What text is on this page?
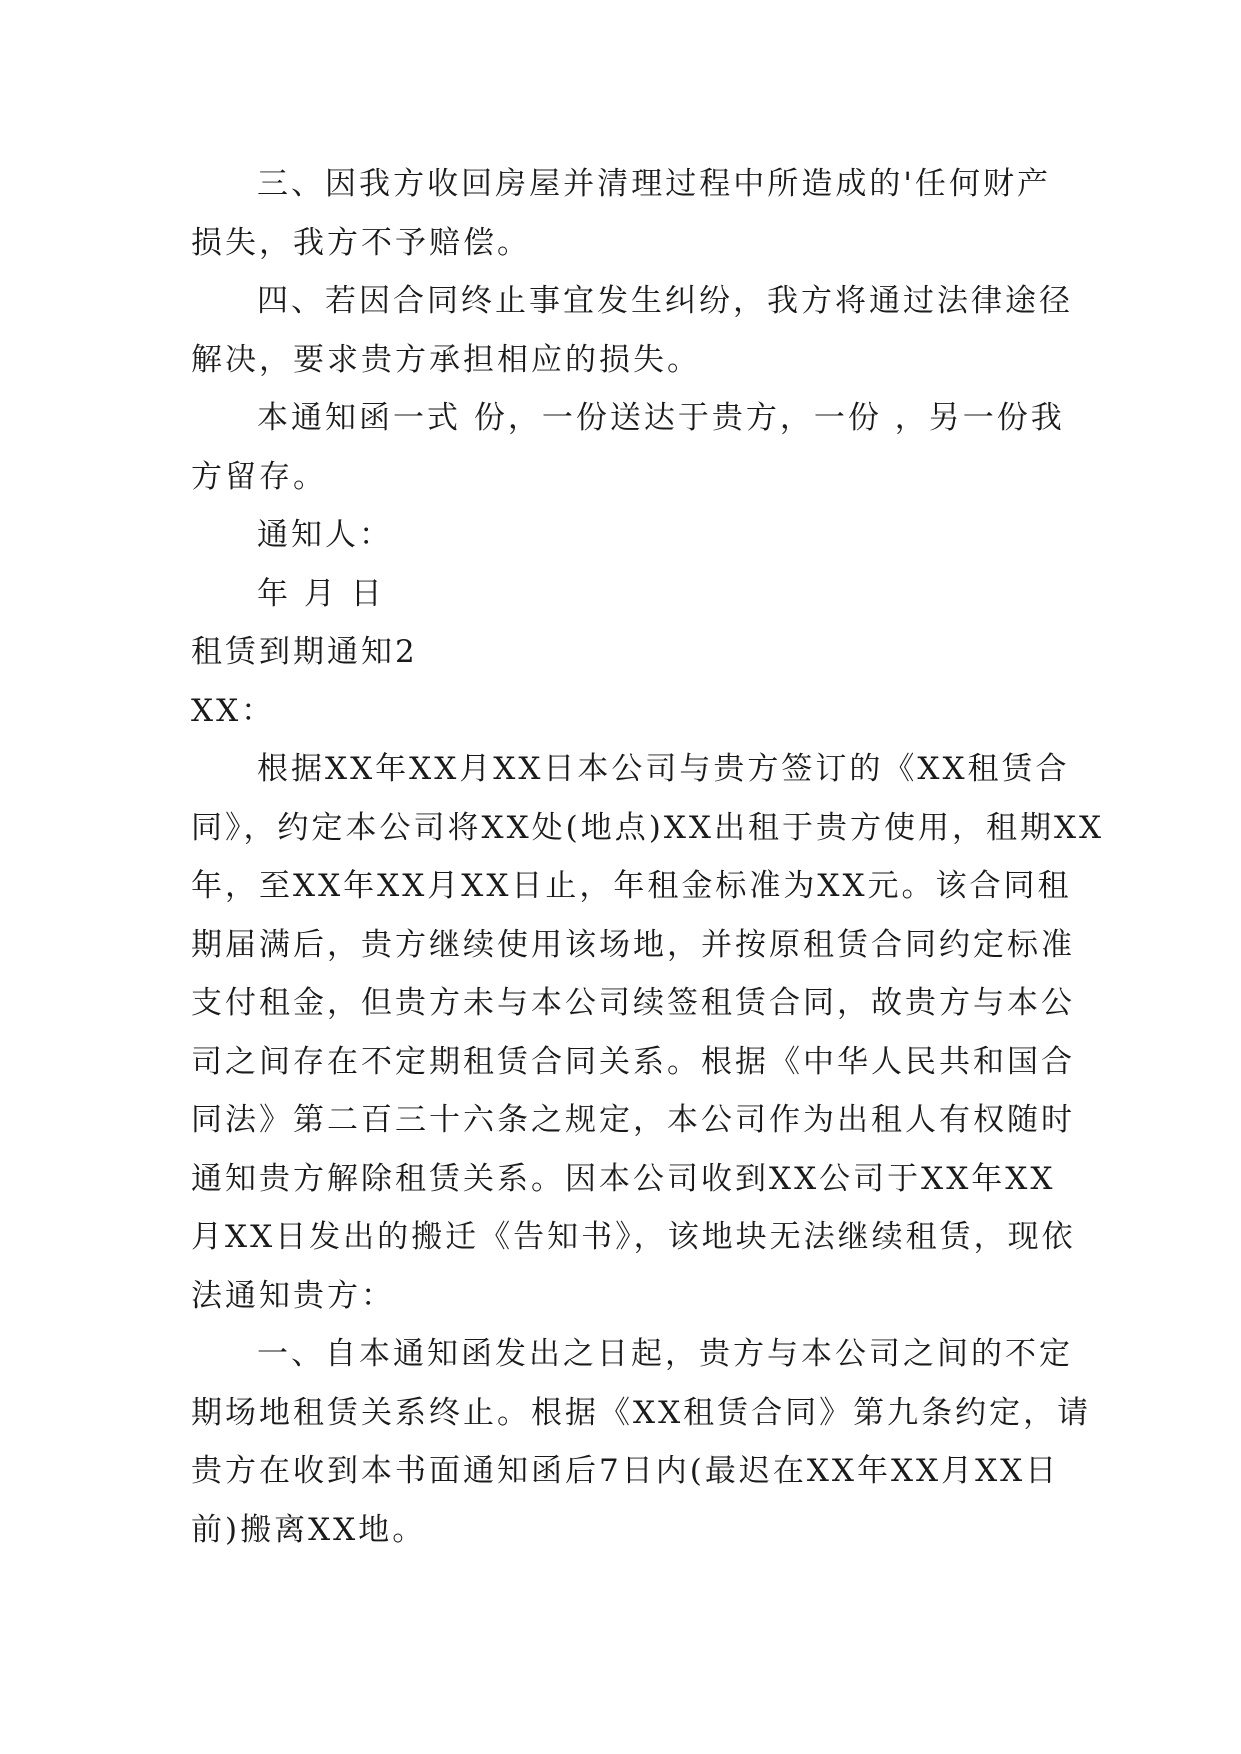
三、因我方收回房屋并清理过程中所造成的'任何财产
损失，我方不予赔偿。
四、若因合同终止事宜发生纠纷，我方将通过法律途径
解决，要求贵方承担相应的损失。
本通知函一式 份，一份送达于贵方，一份 ，另一份我
方留存。
通知人：
年 月 日
租赁到期通知2
XX：
根据XX年XX月XX日本公司与贵方签订的《XX租赁合
同》，约定本公司将XX处(地点)XX出租于贵方使用，租期XX
年，至XX年XX月XX日止，年租金标准为XX元。该合同租
期届满后，贵方继续使用该场地，并按原租赁合同约定标准
支付租金，但贵方未与本公司续签租赁合同，故贵方与本公
司之间存在不定期租赁合同关系。根据《中华人民共和国合
同法》第二百三十六条之规定，本公司作为出租人有权随时
通知贵方解除租赁关系。因本公司收到XX公司于XX年XX
月XX日发出的搬迁《告知书》，该地块无法继续租赁，现依
法通知贵方：
一、自本通知函发出之日起，贵方与本公司之间的不定
期场地租赁关系终止。根据《XX租赁合同》第九条约定，请
贵方在收到本书面通知函后7日内(最迟在XX年XX月XX日
前)搬离XX地。
